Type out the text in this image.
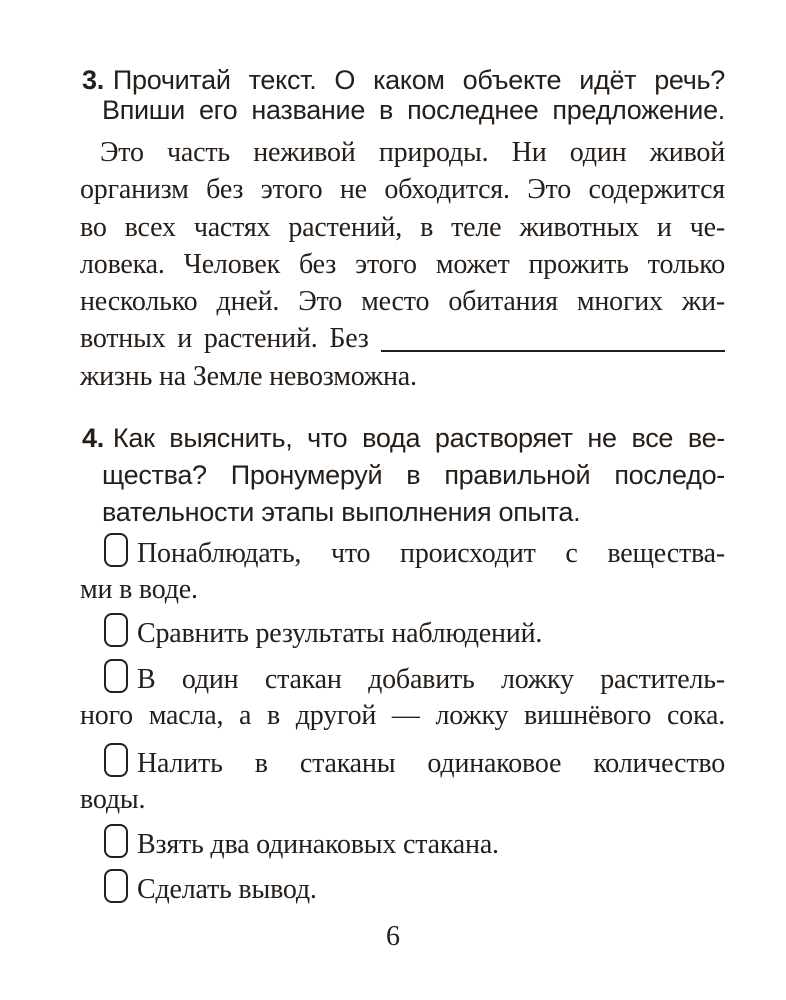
3. Прочитай текст. О каком объекте идёт речь?
Впиши его название в последнее предложение.
Это часть неживой природы. Ни один живой
организм без этого не обходится. Это содержится
во всех частях растений, в теле животных и че-
ловека. Человек без этого может прожить только
несколько дней. Это место обитания многих жи-
вотных и растений. Без
жизнь на Земле невозможна.
4. Как выяснить, что вода растворяет не все ве-
щества? Пронумеруй в правильной последо-
вательности этапы выполнения опыта.
Понаблюдать, что происходит с вещества-
ми в воде.
Сравнить результаты наблюдений.
В один стакан добавить ложку раститель-
ного масла, а в другой — ложку вишнёвого сока.
Налить в стаканы одинаковое количество
воды.
Взять два одинаковых стакана.
Сделать вывод.
6
